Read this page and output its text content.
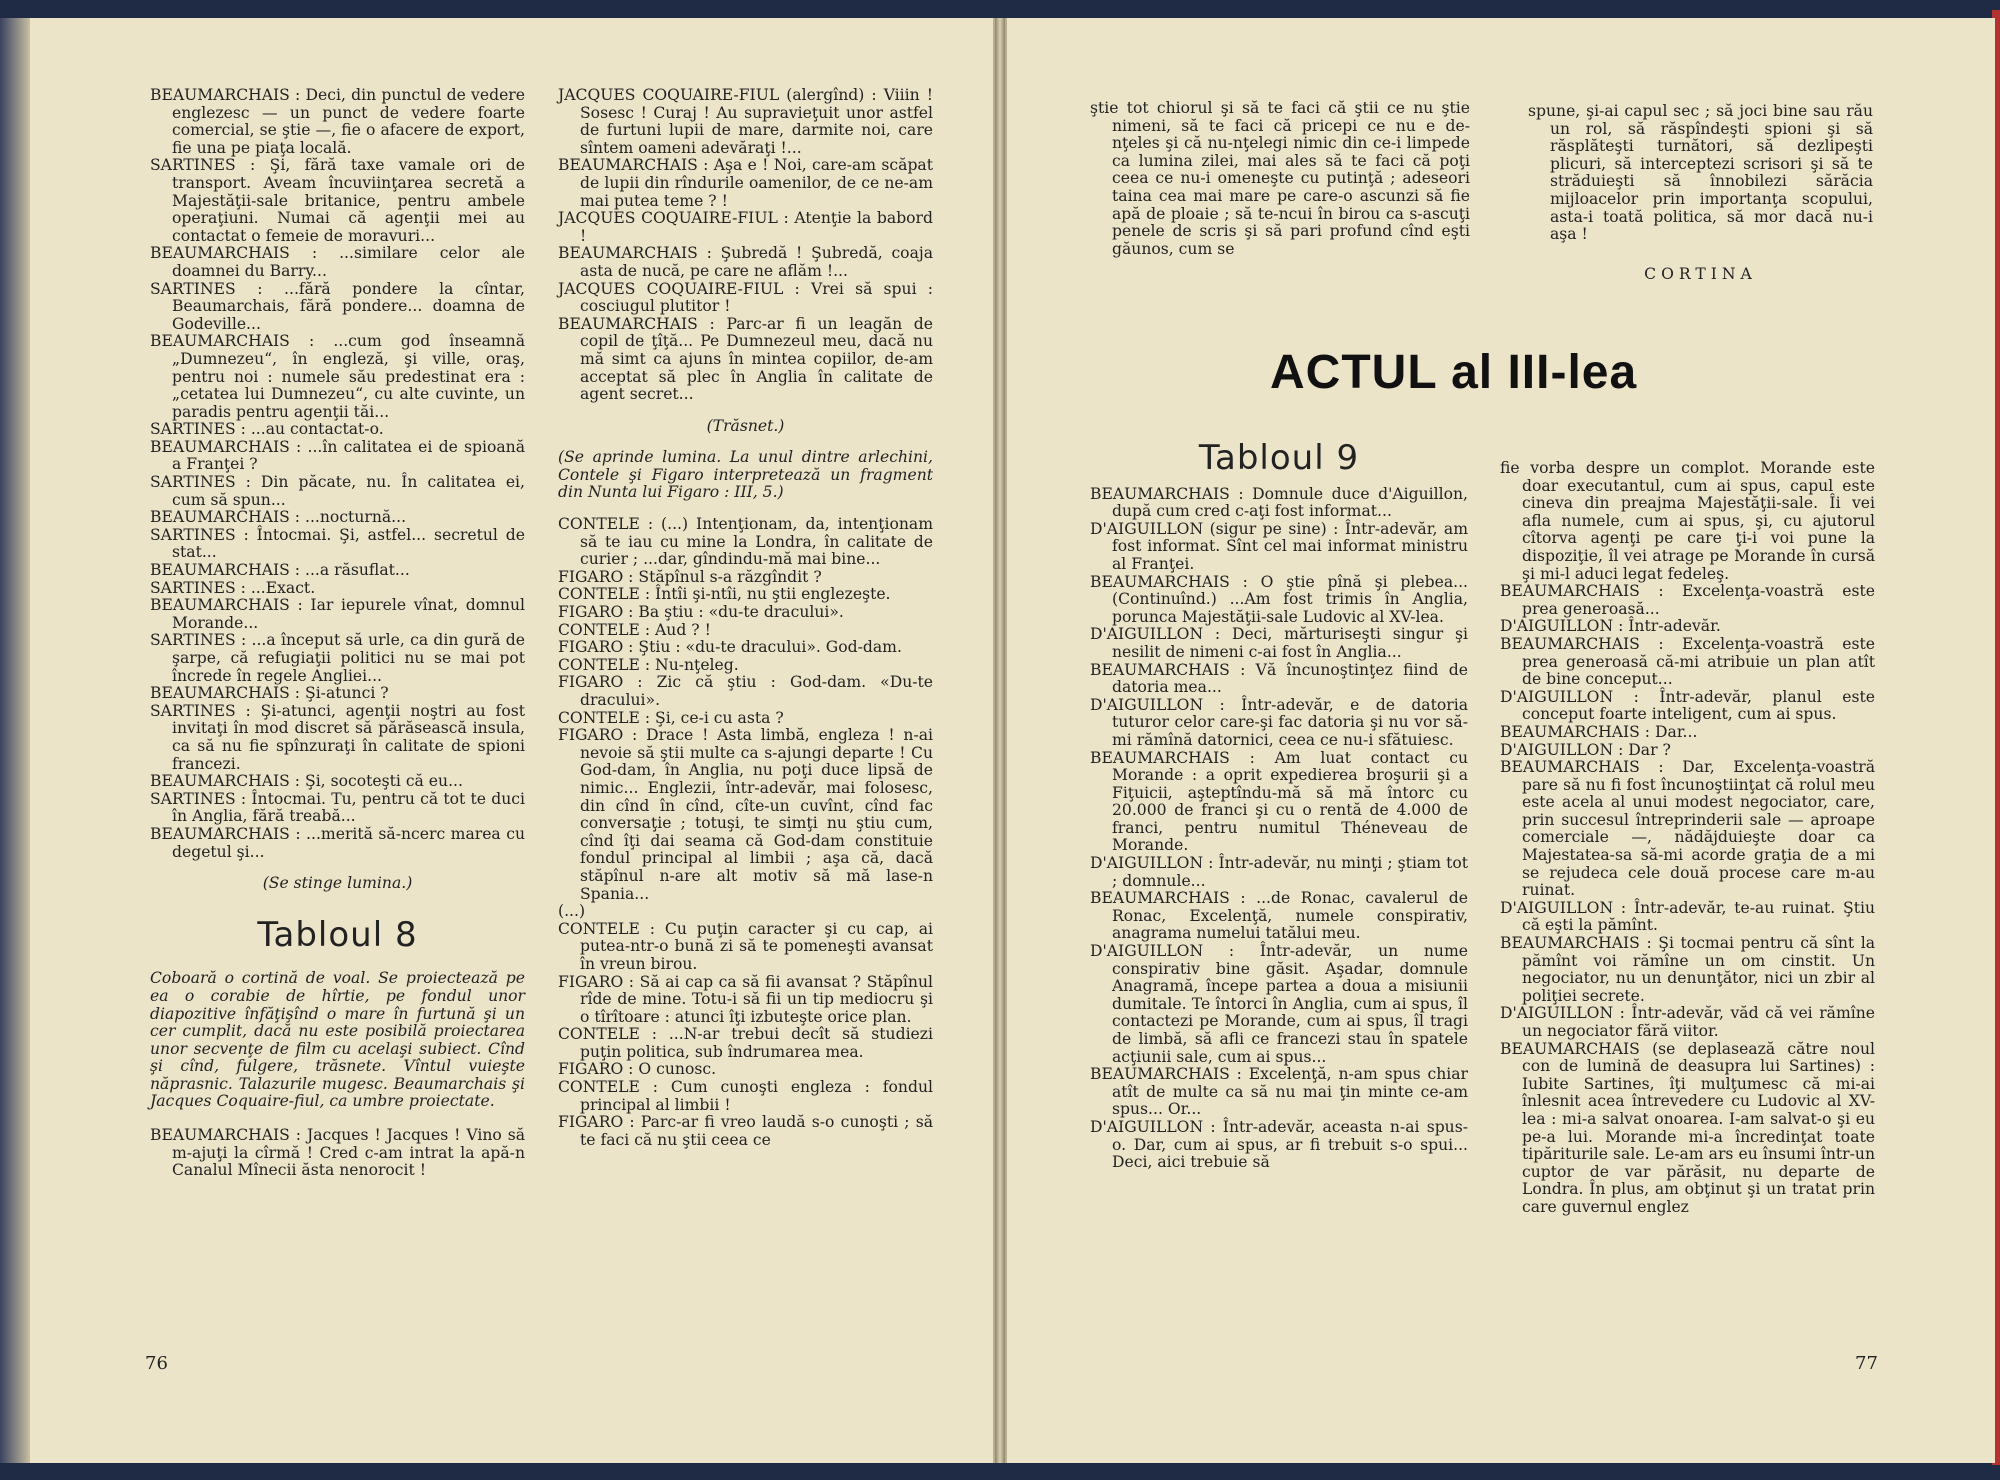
BEAUMARCHAIS : Deci, din punctul de vedere englezesc — un punct de vedere foarte comercial, se ştie —, fie o afacere de export, fie una pe piaţa locală.

SARTINES : Şi, fără taxe vamale ori de transport. Aveam încuviinţarea secretă a Majestăţii-sale britanice, pentru ambele operaţiuni. Numai că agenţii mei au contactat o femeie de moravuri...

BEAUMARCHAIS : ...similare celor ale doamnei du Barry...

SARTINES : ...fără pondere la cîntar, Beaumarchais, fără pondere... doamna de Godeville...

BEAUMARCHAIS : ...cum god înseamnă „Dumnezeu“, în engleză, şi ville, oraş, pentru noi : numele său predestinat era : „cetatea lui Dumnezeu“, cu alte cuvinte, un paradis pentru agenţii tăi...

SARTINES : ...au contactat-o.

BEAUMARCHAIS : ...în calitatea ei de spioană a Franţei ?

SARTINES : Din păcate, nu. În calitatea ei, cum să spun...

BEAUMARCHAIS : ...nocturnă...

SARTINES : Întocmai. Şi, astfel... secretul de stat...

BEAUMARCHAIS : ...a răsuflat...

SARTINES : ...Exact.

BEAUMARCHAIS : Iar iepurele vînat, domnul Morande...

SARTINES : ...a început să urle, ca din gură de şarpe, că refugiaţii politici nu se mai pot încrede în regele Angliei...

BEAUMARCHAIS : Şi-atunci ?

SARTINES : Şi-atunci, agenţii noştri au fost invitaţi în mod discret să părăsească insula, ca să nu fie spînzuraţi în calitate de spioni francezi.

BEAUMARCHAIS : Şi, socoteşti că eu...

SARTINES : Întocmai. Tu, pentru că tot te duci în Anglia, fără treabă...

BEAUMARCHAIS : ...merită să-ncerc marea cu degetul şi...

(Se stinge lumina.)

Tabloul 8

Coboară o cortină de voal. Se proiectează pe ea o corabie de hîrtie, pe fondul unor diapozitive înfăţişînd o mare în furtună şi un cer cumplit, dacă nu este posibilă proiectarea unor secvenţe de film cu acelaşi subiect. Cînd şi cînd, fulgere, trăsnete. Vîntul vuieşte năprasnic. Talazurile mugesc. Beaumarchais şi Jacques Coquaire-fiul, ca umbre proiectate.

BEAUMARCHAIS : Jacques ! Jacques ! Vino să m-ajuţi la cîrmă ! Cred c-am intrat la apă-n Canalul Mînecii ăsta nenorocit !

JACQUES COQUAIRE-FIUL (alergînd) : Viiin ! Sosesc ! Curaj ! Au supravieţuit unor astfel de furtuni lupii de mare, darmite noi, care sîntem oameni adevăraţi !...

BEAUMARCHAIS : Aşa e ! Noi, care-am scăpat de lupii din rîndurile oamenilor, de ce ne-am mai putea teme ? !

JACQUES COQUAIRE-FIUL : Atenţie la babord !

BEAUMARCHAIS : Şubredă ! Şubredă, coaja asta de nucă, pe care ne aflăm !...

JACQUES COQUAIRE-FIUL : Vrei să spui : cosciugul plutitor !

BEAUMARCHAIS : Parc-ar fi un leagăn de copil de ţîţă... Pe Dumnezeul meu, dacă nu mă simt ca ajuns în mintea copiilor, de-am acceptat să plec în Anglia în calitate de agent secret...

(Trăsnet.)

(Se aprinde lumina. La unul dintre arlechini, Contele şi Figaro interpretează un fragment din Nunta lui Figaro : III, 5.)

CONTELE : (...) Intenţionam, da, intenţionam să te iau cu mine la Londra, în calitate de curier ; ...dar, gîndindu-mă mai bine...

FIGARO : Stăpînul s-a răzgîndit ?

CONTELE : Întîi şi-ntîi, nu ştii englezeşte.

FIGARO : Ba ştiu : «du-te dracului».

CONTELE : Aud ? !

FIGARO : Ştiu : «du-te dracului». God-dam.

CONTELE : Nu-nţeleg.

FIGARO : Zic că ştiu : God-dam. «Du-te dracului».

CONTELE : Şi, ce-i cu asta ?

FIGARO : Drace ! Asta limbă, engleza ! n-ai nevoie să ştii multe ca s-ajungi departe ! Cu God-dam, în Anglia, nu poţi duce lipsă de nimic... Englezii, într-adevăr, mai folosesc, din cînd în cînd, cîte-un cuvînt, cînd fac conversaţie ; totuşi, te simţi nu ştiu cum, cînd îţi dai seama că God-dam constituie fondul principal al limbii ; aşa că, dacă stăpînul n-are alt motiv să mă lase-n Spania...

(...)

CONTELE : Cu puţin caracter şi cu cap, ai putea-ntr-o bună zi să te pomeneşti avansat în vreun birou.

FIGARO : Să ai cap ca să fii avansat ? Stăpînul rîde de mine. Totu-i să fii un tip mediocru şi o tîrîtoare : atunci îţi izbuteşte orice plan.

CONTELE : ...N-ar trebui decît să studiezi puţin politica, sub îndrumarea mea.

FIGARO : O cunosc.

CONTELE : Cum cunoşti engleza : fondul principal al limbii !

FIGARO : Parc-ar fi vreo laudă s-o cunoşti ; să te faci că nu ştii ceea ce

76

ştie tot chiorul şi să te faci că ştii ce nu ştie nimeni, să te faci că pricepi ce nu e de-nţeles şi că nu-nţelegi nimic din ce-i limpede ca lumina zilei, mai ales să te faci că poţi ceea ce nu-i omeneşte cu putinţă ; adeseori taina cea mai mare pe care-o ascunzi să fie apă de ploaie ; să te-ncui în birou ca s-ascuţi penele de scris şi să pari profund cînd eşti găunos, cum se

spune, şi-ai capul sec ; să joci bine sau rău un rol, să răspîndeşti spioni şi să răsplăteşti turnători, să dezlipeşti plicuri, să interceptezi scrisori şi să te străduieşti să înnobilezi sărăcia mijloacelor prin importanţa scopului, asta-i toată politica, să mor dacă nu-i aşa !

CORTINA

ACTUL al III-lea

Tabloul 9

BEAUMARCHAIS : Domnule duce d'Aiguillon, după cum cred c-aţi fost informat...

D'AIGUILLON (sigur pe sine) : Într-adevăr, am fost informat. Sînt cel mai informat ministru al Franţei.

BEAUMARCHAIS : O ştie pînă şi plebea... (Continuînd.) ...Am fost trimis în Anglia, porunca Majestăţii-sale Ludovic al XV-lea.

D'AIGUILLON : Deci, mărturiseşti singur şi nesilit de nimeni c-ai fost în Anglia...

BEAUMARCHAIS : Vă încunoştinţez fiind de datoria mea...

D'AIGUILLON : Într-adevăr, e de datoria tuturor celor care-şi fac datoria şi nu vor să-mi rămînă datornici, ceea ce nu-i sfătuiesc.

BEAUMARCHAIS : Am luat contact cu Morande : a oprit expedierea broşurii şi a Fiţuicii, aşteptîndu-mă să mă întorc cu 20.000 de franci şi cu o rentă de 4.000 de franci, pentru numitul Théneveau de Morande.

D'AIGUILLON : Într-adevăr, nu minţi ; ştiam tot ; domnule...

BEAUMARCHAIS : ...de Ronac, cavalerul de Ronac, Excelenţă, numele conspirativ, anagrama numelui tatălui meu.

D'AIGUILLON : Într-adevăr, un nume conspirativ bine găsit. Aşadar, domnule Anagramă, începe partea a doua a misiunii dumitale. Te întorci în Anglia, cum ai spus, îl contactezi pe Morande, cum ai spus, îl tragi de limbă, să afli ce francezi stau în spatele acţiunii sale, cum ai spus...

BEAUMARCHAIS : Excelenţă, n-am spus chiar atît de multe ca să nu mai ţin minte ce-am spus... Or...

D'AIGUILLON : Într-adevăr, aceasta n-ai spus-o. Dar, cum ai spus, ar fi trebuit s-o spui... Deci, aici trebuie să

fie vorba despre un complot. Morande este doar executantul, cum ai spus, capul este cineva din preajma Majestăţii-sale. Îi vei afla numele, cum ai spus, şi, cu ajutorul cîtorva agenţi pe care ţi-i voi pune la dispoziţie, îl vei atrage pe Morande în cursă şi mi-l aduci legat fedeleş.

BEAUMARCHAIS : Excelenţa-voastră este prea generoasă...

D'AIGUILLON : Într-adevăr.

BEAUMARCHAIS : Excelenţa-voastră este prea generoasă că-mi atribuie un plan atît de bine conceput...

D'AIGUILLON : Într-adevăr, planul este conceput foarte inteligent, cum ai spus.

BEAUMARCHAIS : Dar...

D'AIGUILLON : Dar ?

BEAUMARCHAIS : Dar, Excelenţa-voastră pare să nu fi fost încunoştiinţat că rolul meu este acela al unui modest negociator, care, prin succesul întreprinderii sale — aproape comerciale —, nădăjduieşte doar ca Majestatea-sa să-mi acorde graţia de a mi se rejudeca cele două procese care m-au ruinat.

D'AIGUILLON : Într-adevăr, te-au ruinat. Ştiu că eşti la pămînt.

BEAUMARCHAIS : Şi tocmai pentru că sînt la pămînt voi rămîne un om cinstit. Un negociator, nu un denunţător, nici un zbir al poliţiei secrete.

D'AIGUILLON : Într-adevăr, văd că vei rămîne un negociator fără viitor.

BEAUMARCHAIS (se deplasează către noul con de lumină de deasupra lui Sartines) : Iubite Sartines, îţi mulţumesc că mi-ai înlesnit acea întrevedere cu Ludovic al XV-lea : mi-a salvat onoarea. I-am salvat-o şi eu pe-a lui. Morande mi-a încredinţat toate tipăriturile sale. Le-am ars eu însumi într-un cuptor de var părăsit, nu departe de Londra. În plus, am obţinut şi un tratat prin care guvernul englez

77
